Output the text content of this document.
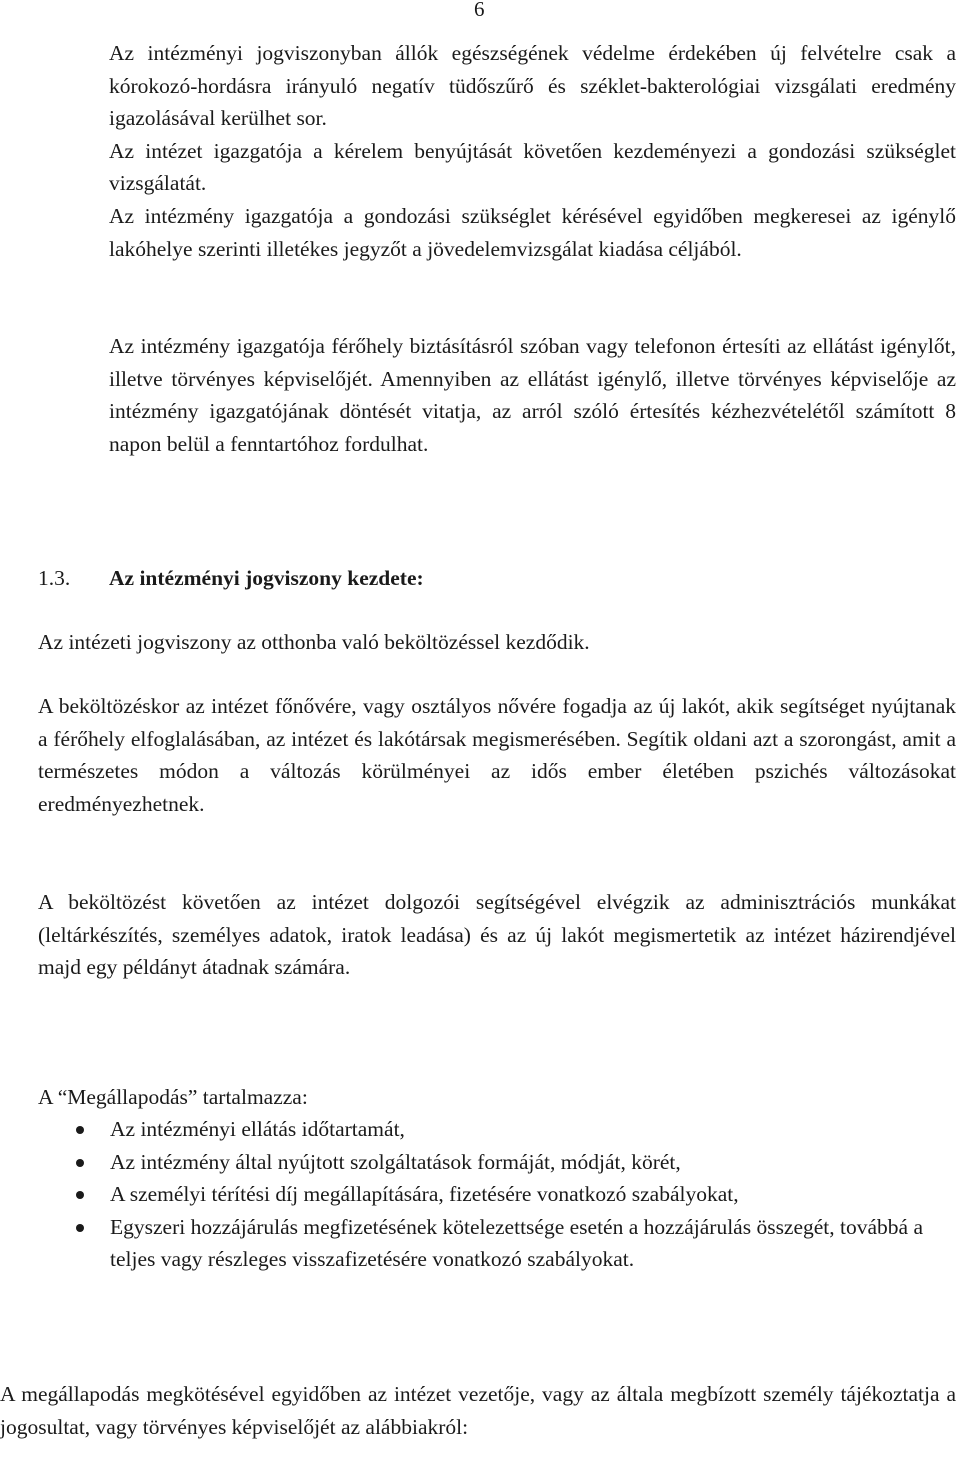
6

Az intézményi jogviszonyban állók egészségének védelme érdekében új felvételre csak a kórokozó-hordásra irányuló negatív tüdőszűrő és széklet-bakterológiai vizsgálati eredmény igazolásával kerülhet sor.

Az intézet igazgatója a kérelem benyújtását követően kezdeményezi a gondozási szükséglet vizsgálatát.

Az intézmény igazgatója a gondozási szükséglet kérésével egyidőben megkeresei az igénylő lakóhelye szerinti illetékes jegyzőt a jövedelemvizsgálat kiadása céljából.

Az intézmény igazgatója férőhely biztásításról szóban vagy telefonon értesíti az ellátást igénylőt, illetve törvényes képviselőjét. Amennyiben az ellátást igénylő, illetve törvényes képviselője az intézmény igazgatójának döntését vitatja, az arról szóló értesítés kézhezvételétől számított 8 napon belül a fenntartóhoz fordulhat.

1.3. Az intézményi jogviszony kezdete:

Az intézeti jogviszony az otthonba való beköltözéssel kezdődik.

A beköltözéskor az intézet főnővére, vagy osztályos nővére fogadja az új lakót, akik segítséget nyújtanak a férőhely elfoglalásában, az intézet és lakótársak megismerésében. Segítik oldani azt a szorongást, amit a természetes módon a változás körülményei az idős ember életében pszichés változásokat eredményezhetnek.

A beköltözést követően az intézet dolgozói segítségével elvégzik az adminisztrációs munkákat (leltárkészítés, személyes adatok, iratok leadása) és az új lakót megismertetik az intézet házirendjével majd egy példányt átadnak számára.

A “Megállapodás” tartalmazza:

Az intézményi ellátás időtartamát,
Az intézmény által nyújtott szolgáltatások formáját, módját, körét,
A személyi térítési díj megállapítására, fizetésére vonatkozó szabályokat,
Egyszeri hozzájárulás megfizetésének kötelezettsége esetén a hozzájárulás összegét, továbbá a teljes vagy részleges visszafizetésére vonatkozó szabályokat.

A megállapodás megkötésével egyidőben az intézet vezetője, vagy az általa megbízott személy tájékoztatja a jogosultat, vagy törvényes képviselőjét az alábbiakról:
